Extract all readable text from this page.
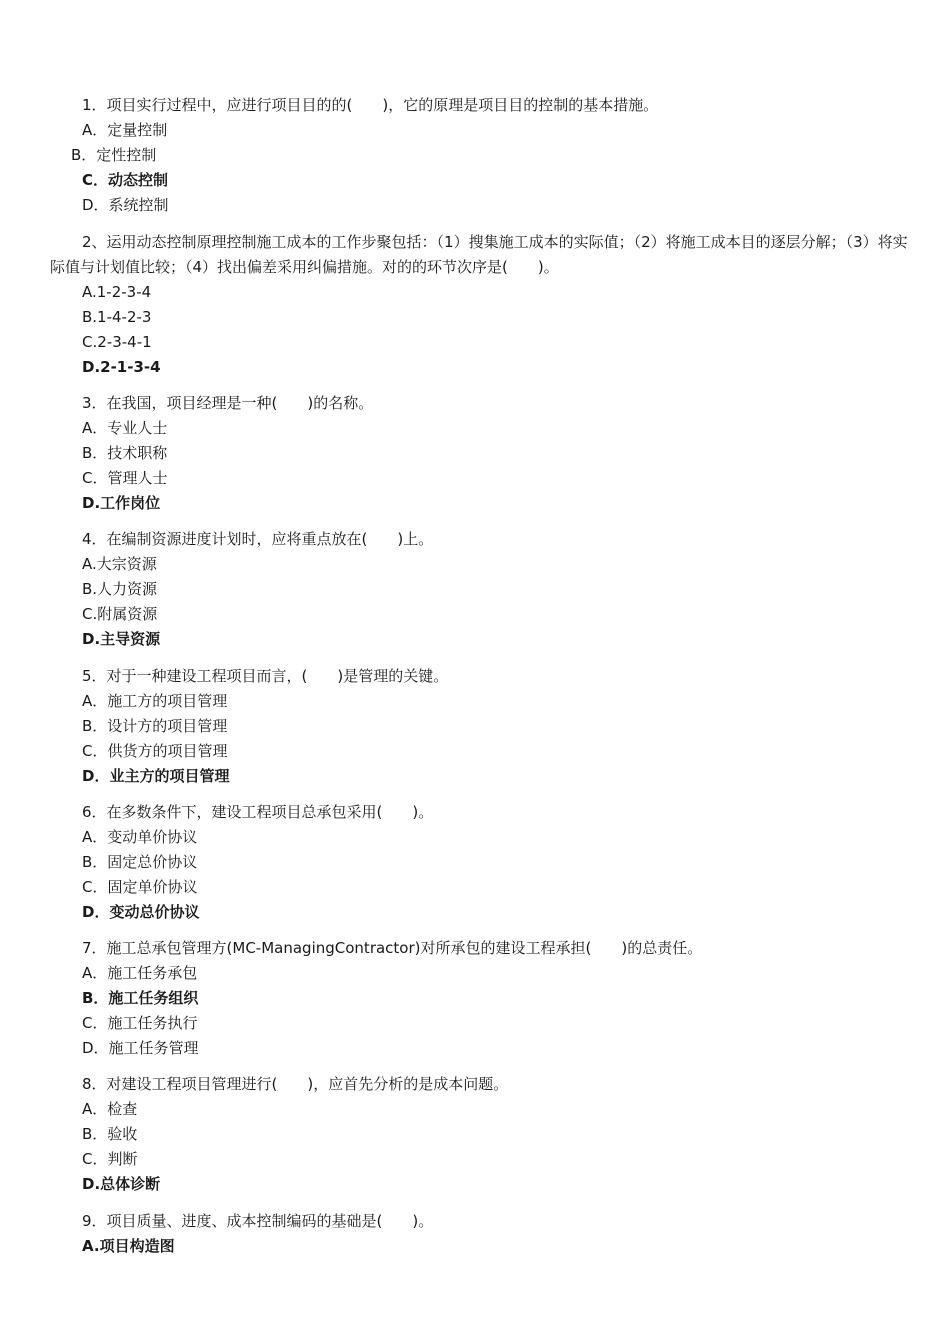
1．项目实行过程中，应进行项目目的的(　　)，它的原理是项目目的控制的基本措施。
A．定量控制
B．定性控制
C．动态控制
D．系统控制
2、运用动态控制原理控制施工成本的工作步聚包括：（1）搜集施工成本的实际值；（2）将施工成本目的逐层分解；（3）将实际值与计划值比较；（4）找出偏差采用纠偏措施。对的的环节次序是(　　)。
A.1-2-3-4
B.1-4-2-3
C.2-3-4-1
D.2-1-3-4
3．在我国，项目经理是一种(　　)的名称。
A．专业人士
B．技术职称
C．管理人士
D.工作岗位
4．在编制资源进度计划时，应将重点放在(　　)上。
A.大宗资源
B.人力资源
C.附属资源
D.主导资源
5．对于一种建设工程项目而言，(　　)是管理的关键。
A．施工方的项目管理
B．设计方的项目管理
C．供货方的项目管理
D．业主方的项目管理
6．在多数条件下，建设工程项目总承包采用(　　)。
A．变动单价协议
B．固定总价协议
C．固定单价协议
D．变动总价协议
7．施工总承包管理方(MC-ManagingContractor)对所承包的建设工程承担(　　)的总责任。
A．施工任务承包
B．施工任务组织
C．施工任务执行
D．施工任务管理
8．对建设工程项目管理进行(　　)，应首先分析的是成本问题。
A．检查
B．验收
C．判断
D.总体诊断
9．项目质量、进度、成本控制编码的基础是(　　)。
A.项目构造图
